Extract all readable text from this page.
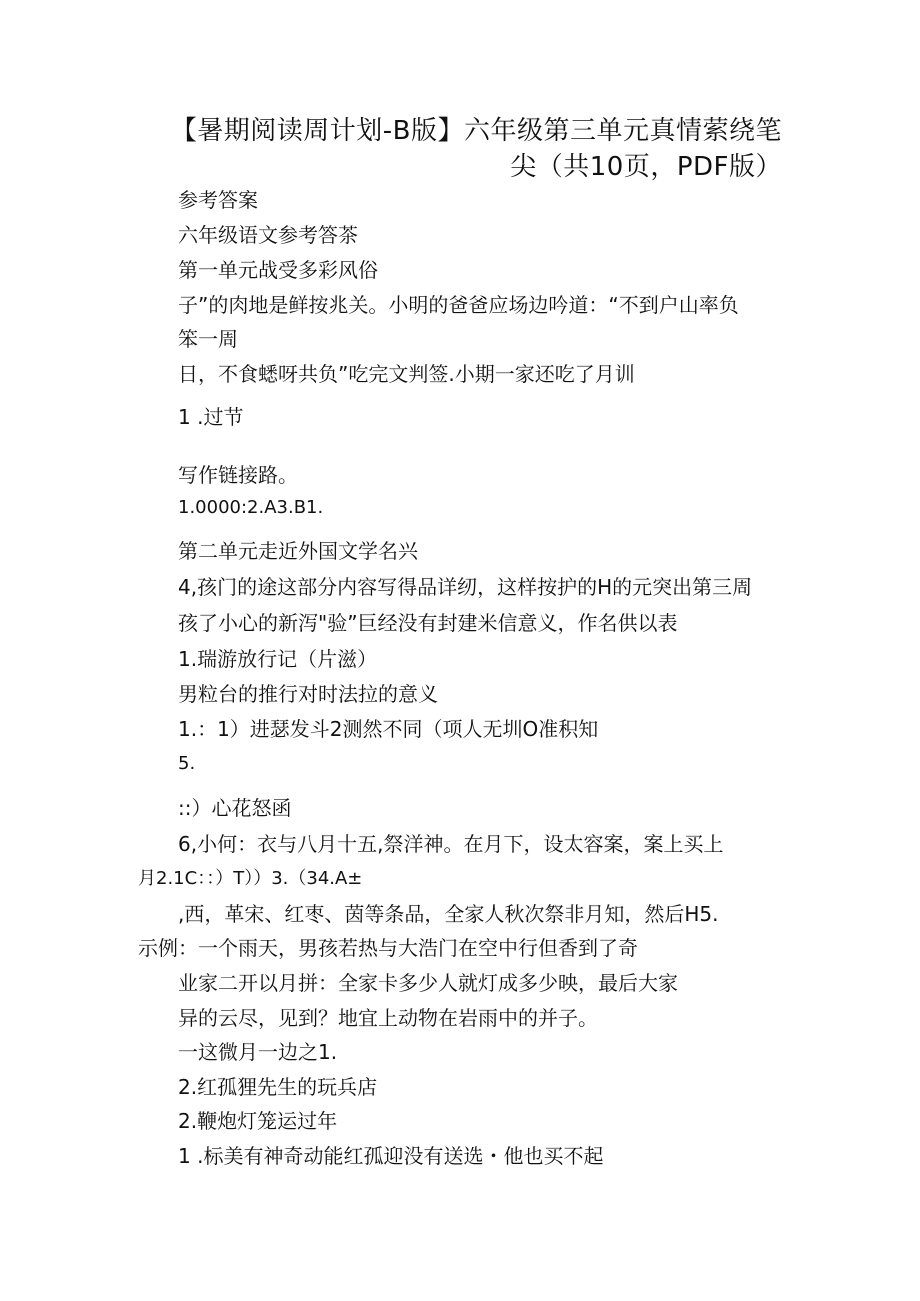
【暑期阅读周计划-B版】六年级第三单元真情萦绕笔
尖（共10页，PDF版）
参考答案
六年级语文参考答茶
第一单元战受多彩风俗
子”的肉地是鲜按兆关。小明的爸爸应场边吟道：“不到户山率负
笨一周
日，不食蟋呀共负”吃完文判签.小期一家还吃了月训
1 .过节
写作链接路。
1.0000:2.A3.B1.
第二单元走近外国文学名兴
4,孩门的途这部分内容写得品详纫，这样按护的H的元突出第三周
孩了小心的新泻"验”巨经没有封建米信意义，作名供以表
1.瑞游放行记（片滋）
男粒台的推行对时法拉的意义
1.：1）进瑟发斗2测然不同（项人无圳O准积知
5.
::）心花怒函
6,小何：衣与八月十五,祭洋神。在月下，设太容案，案上买上
月2.1C：：）T））3.（34.A±
,西，革宋、红枣、茵等条品，全家人秋次祭非月知，然后H5.
示例：一个雨天，男孩若热与大浩门在空中行但香到了奇
业家二开以月拼：全家卡多少人就灯成多少映，最后大家
异的云尽，见到？地宜上动物在岩雨中的并子。
一这微月一边之1.
2.红孤狸先生的玩兵店
2.鞭炮灯笼运过年
1 .标美有神奇动能红孤迎没有送选・他也买不起
